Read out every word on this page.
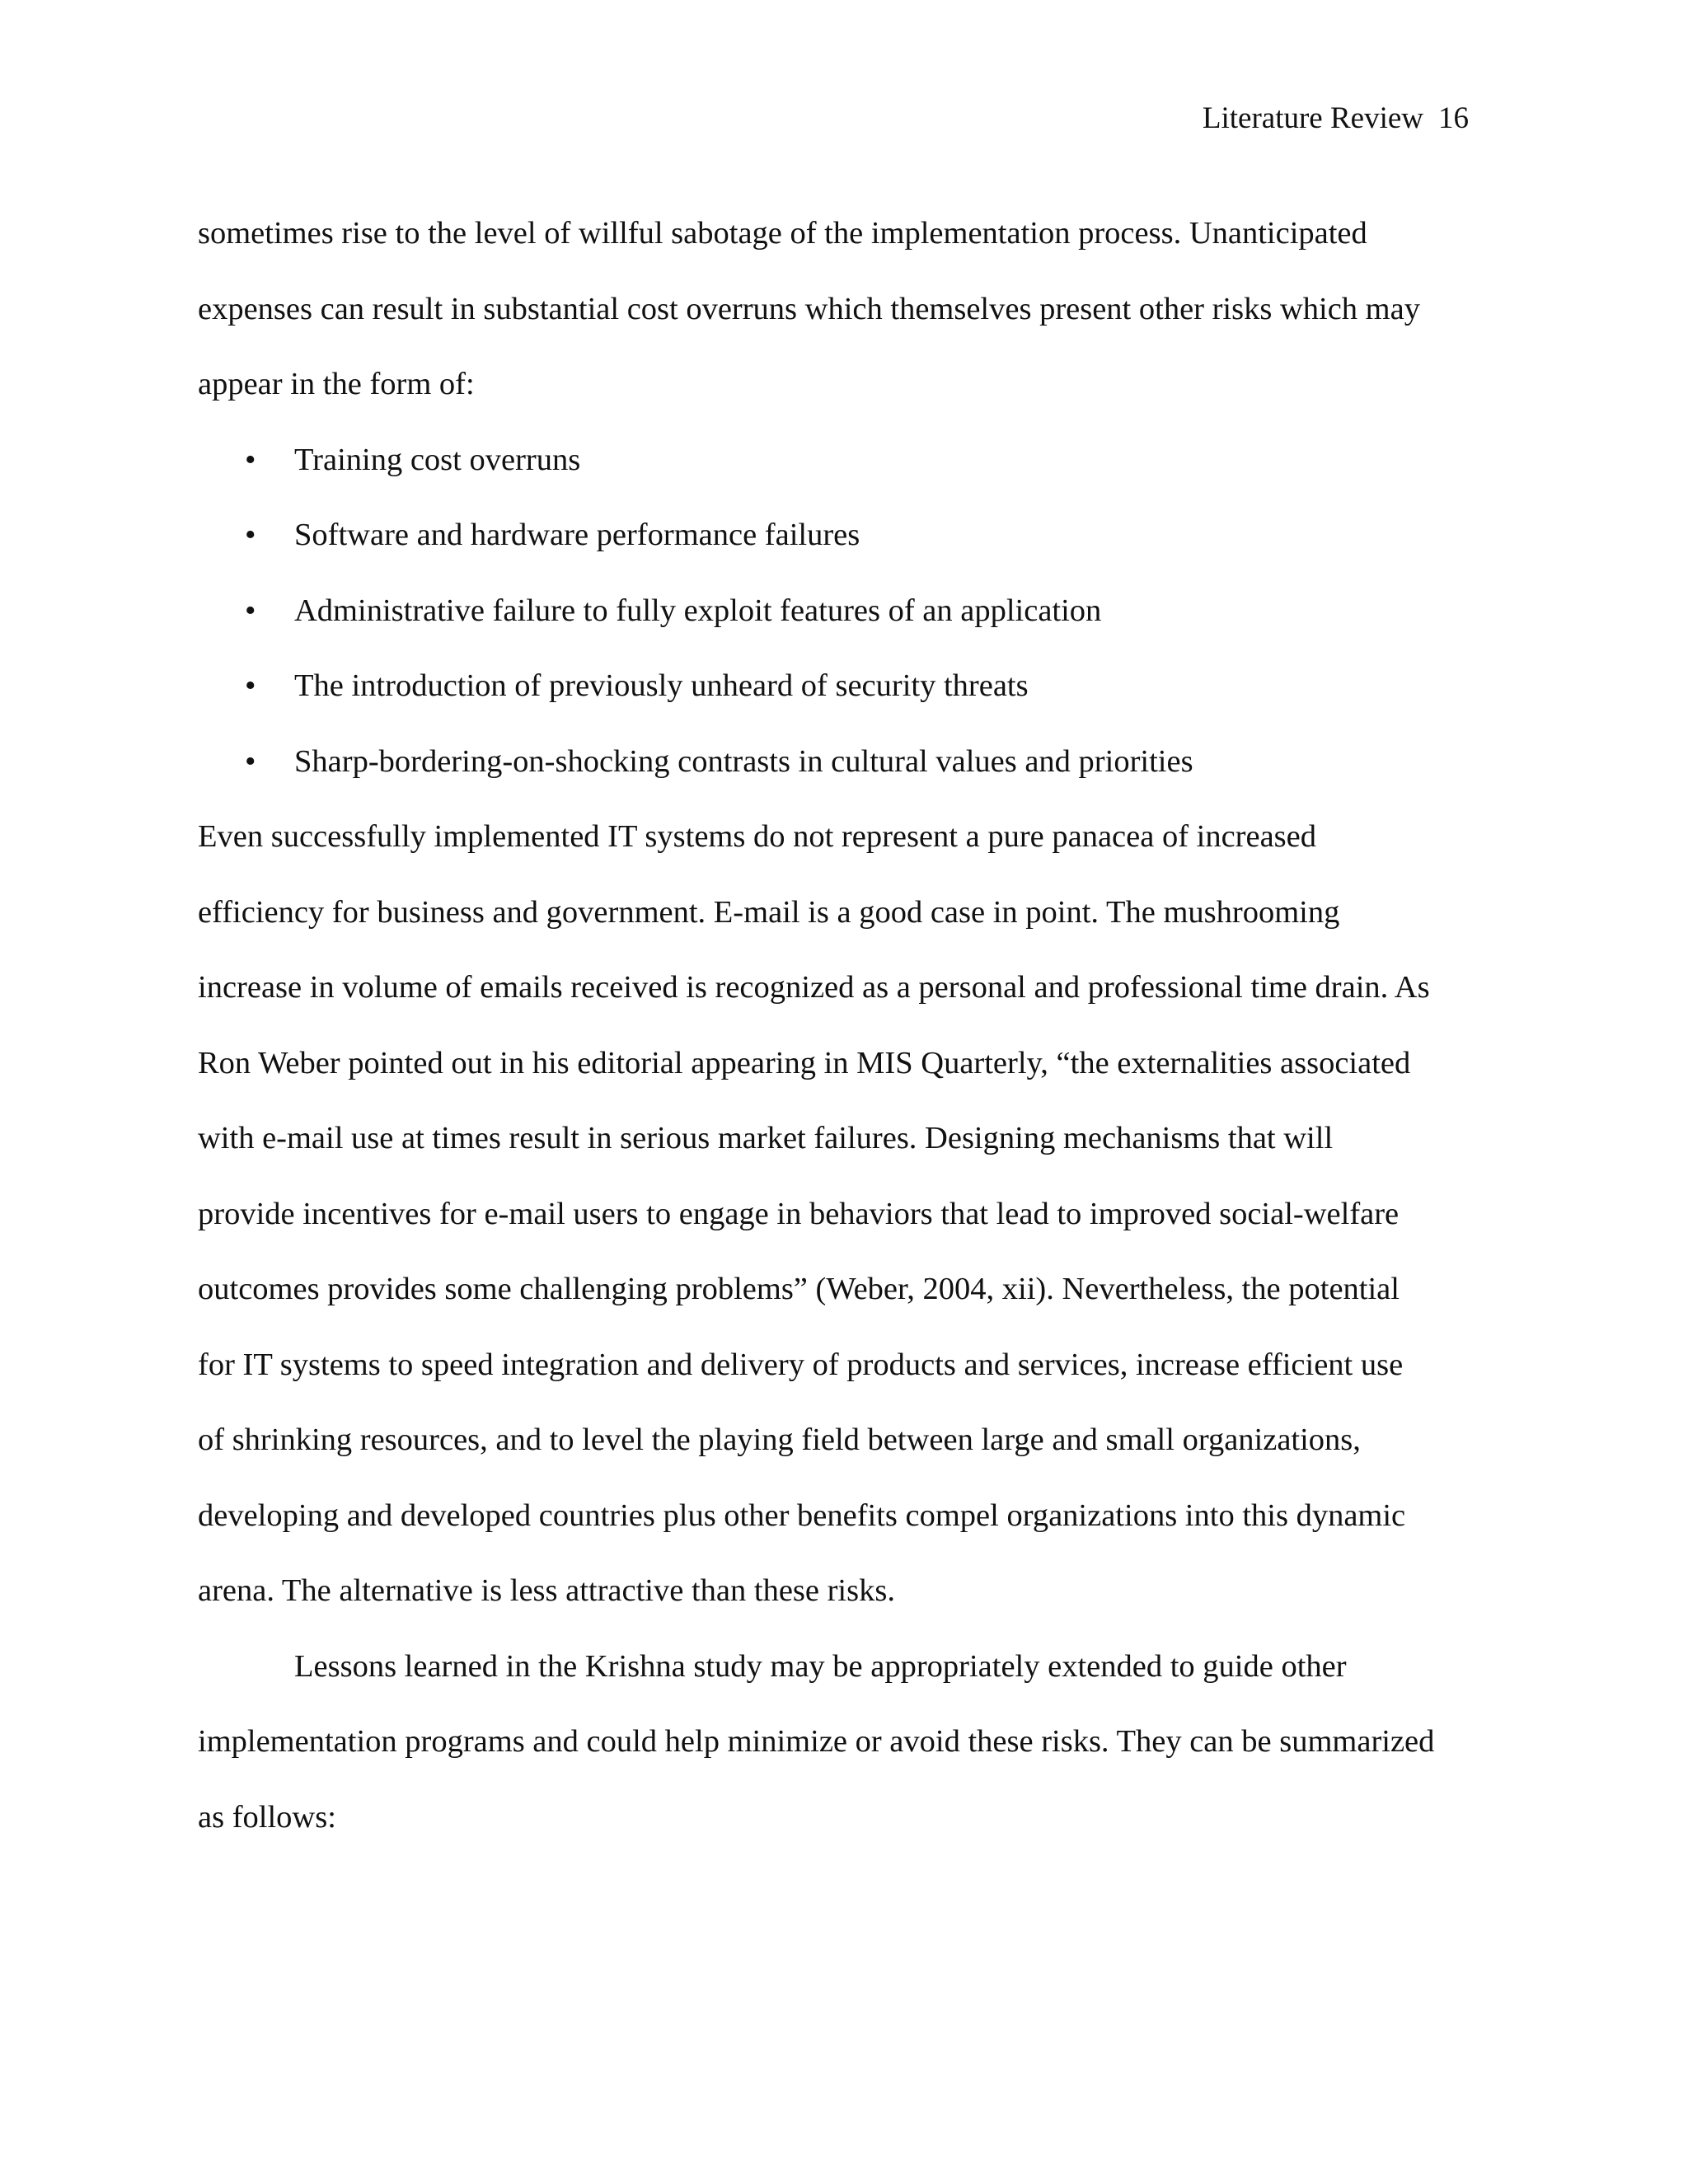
Literature Review 16
sometimes rise to the level of willful sabotage of the implementation process. Unanticipated
expenses can result in substantial cost overruns which themselves present other risks which may
appear in the form of:
• Training cost overruns
• Software and hardware performance failures
• Administrative failure to fully exploit features of an application
• The introduction of previously unheard of security threats
• Sharp-bordering-on-shocking contrasts in cultural values and priorities
Even successfully implemented IT systems do not represent a pure panacea of increased
efficiency for business and government. E-mail is a good case in point. The mushrooming
increase in volume of emails received is recognized as a personal and professional time drain. As
Ron Weber pointed out in his editorial appearing in MIS Quarterly, “the externalities associated
with e-mail use at times result in serious market failures. Designing mechanisms that will
provide incentives for e-mail users to engage in behaviors that lead to improved social-welfare
outcomes provides some challenging problems” (Weber, 2004, xii). Nevertheless, the potential
for IT systems to speed integration and delivery of products and services, increase efficient use
of shrinking resources, and to level the playing field between large and small organizations,
developing and developed countries plus other benefits compel organizations into this dynamic
arena. The alternative is less attractive than these risks.
Lessons learned in the Krishna study may be appropriately extended to guide other
implementation programs and could help minimize or avoid these risks. They can be summarized
as follows:
